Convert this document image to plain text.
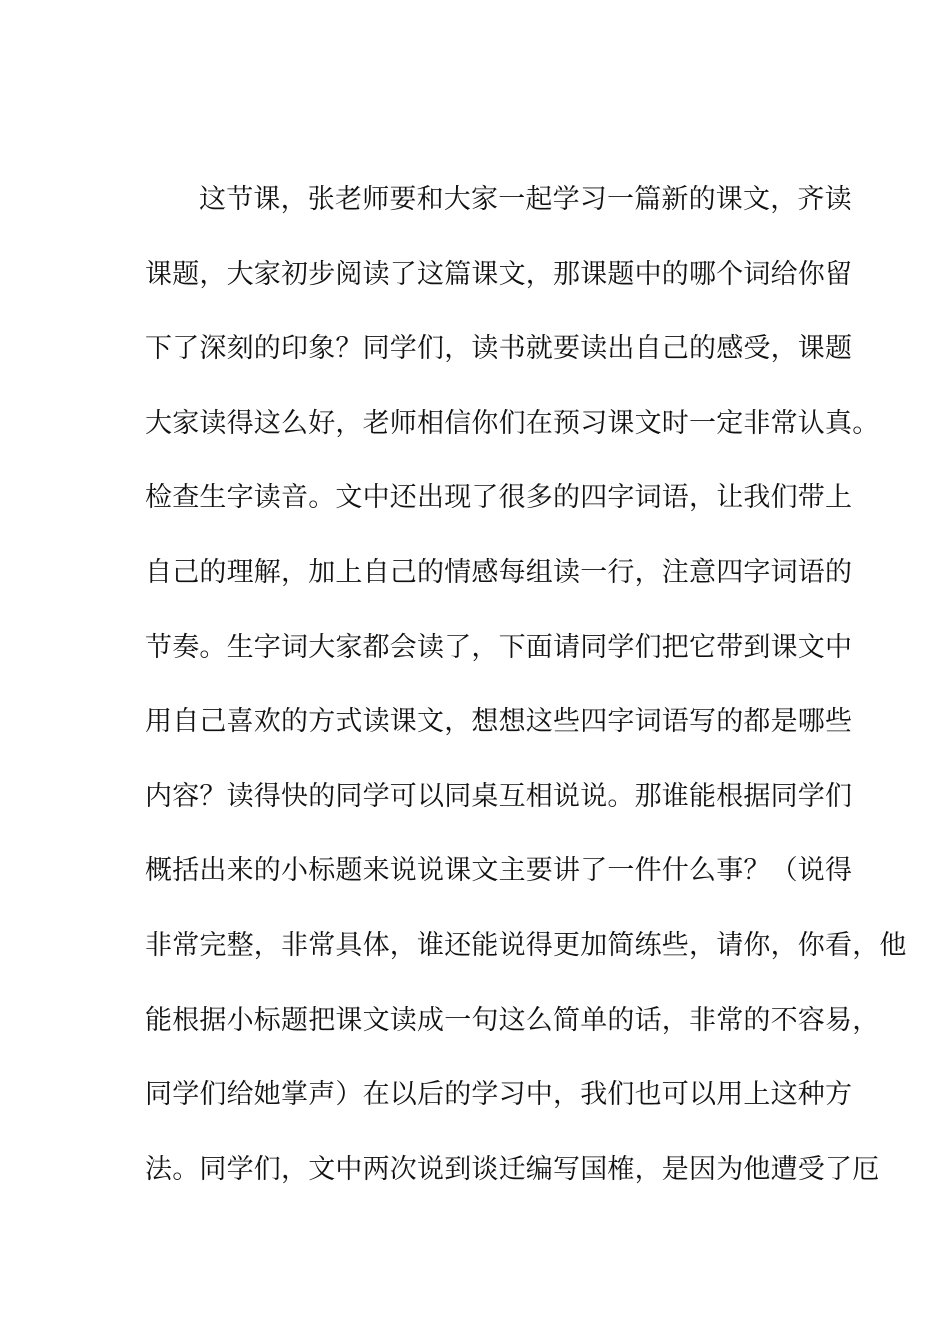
这节课，张老师要和大家一起学习一篇新的课文，齐读
课题，大家初步阅读了这篇课文，那课题中的哪个词给你留
下了深刻的印象？同学们，读书就要读出自己的感受，课题
大家读得这么好，老师相信你们在预习课文时一定非常认真。
检查生字读音。文中还出现了很多的四字词语，让我们带上
自己的理解，加上自己的情感每组读一行，注意四字词语的
节奏。生字词大家都会读了，下面请同学们把它带到课文中
用自己喜欢的方式读课文，想想这些四字词语写的都是哪些
内容？读得快的同学可以同桌互相说说。那谁能根据同学们
概括出来的小标题来说说课文主要讲了一件什么事？（说得
非常完整，非常具体，谁还能说得更加简练些，请你，你看，他
能根据小标题把课文读成一句这么简单的话，非常的不容易，
同学们给她掌声）在以后的学习中，我们也可以用上这种方
法。同学们，文中两次说到谈迁编写国榷，是因为他遭受了厄
